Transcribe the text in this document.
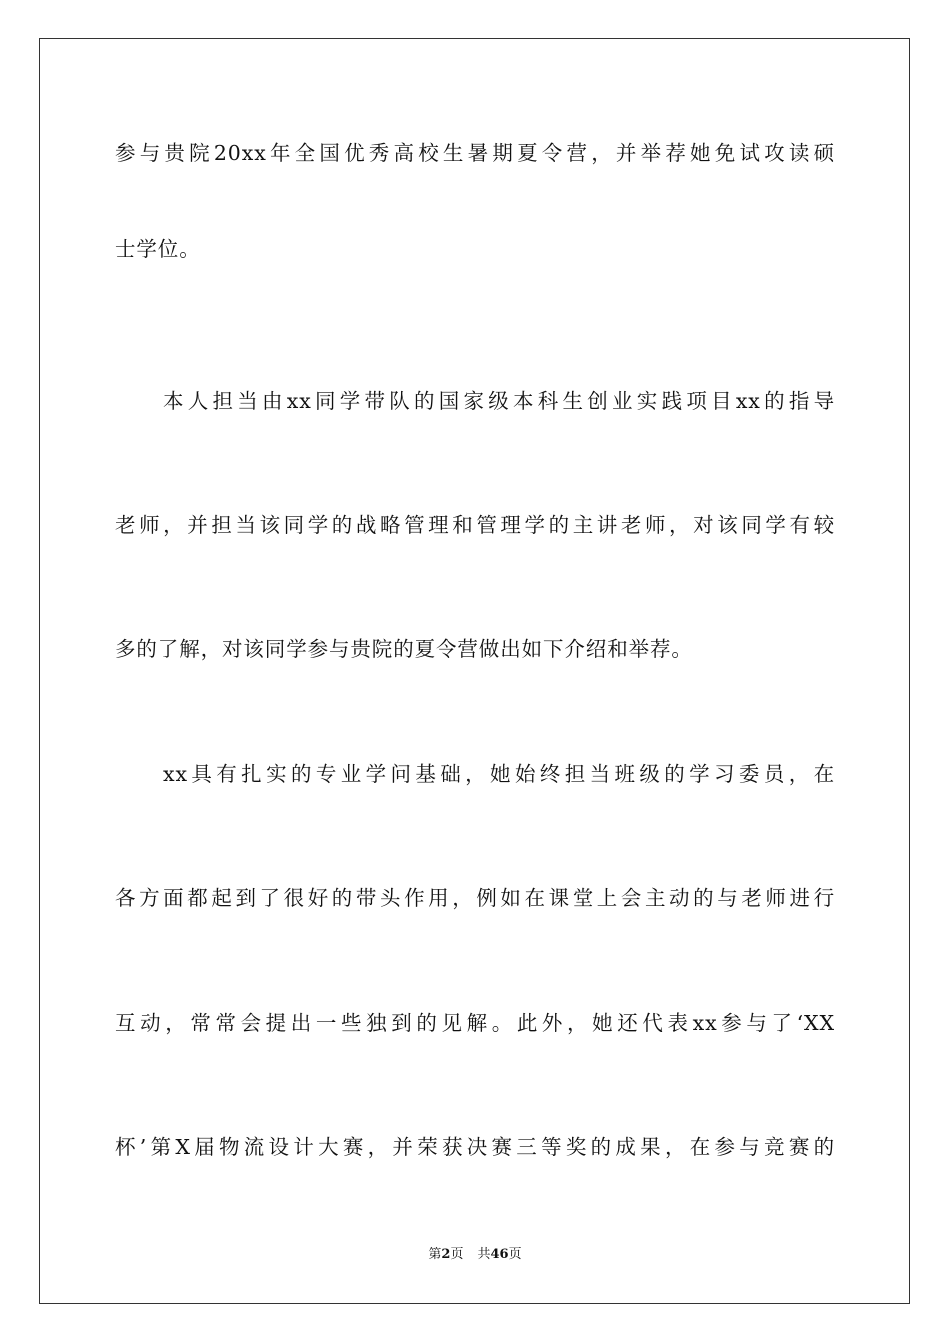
参与贵院20xx年全国优秀高校生暑期夏令营，并举荐她免试攻读硕
士学位。
本人担当由xx同学带队的国家级本科生创业实践项目xx的指导
老师，并担当该同学的战略管理和管理学的主讲老师，对该同学有较
多的了解，对该同学参与贵院的夏令营做出如下介绍和举荐。
xx具有扎实的专业学问基础，她始终担当班级的学习委员，在
各方面都起到了很好的带头作用，例如在课堂上会主动的与老师进行
互动，常常会提出一些独到的见解。此外，她还代表xx参与了‘XX
杯’第X届物流设计大赛，并荣获决赛三等奖的成果，在参与竞赛的
第2页 共46页
